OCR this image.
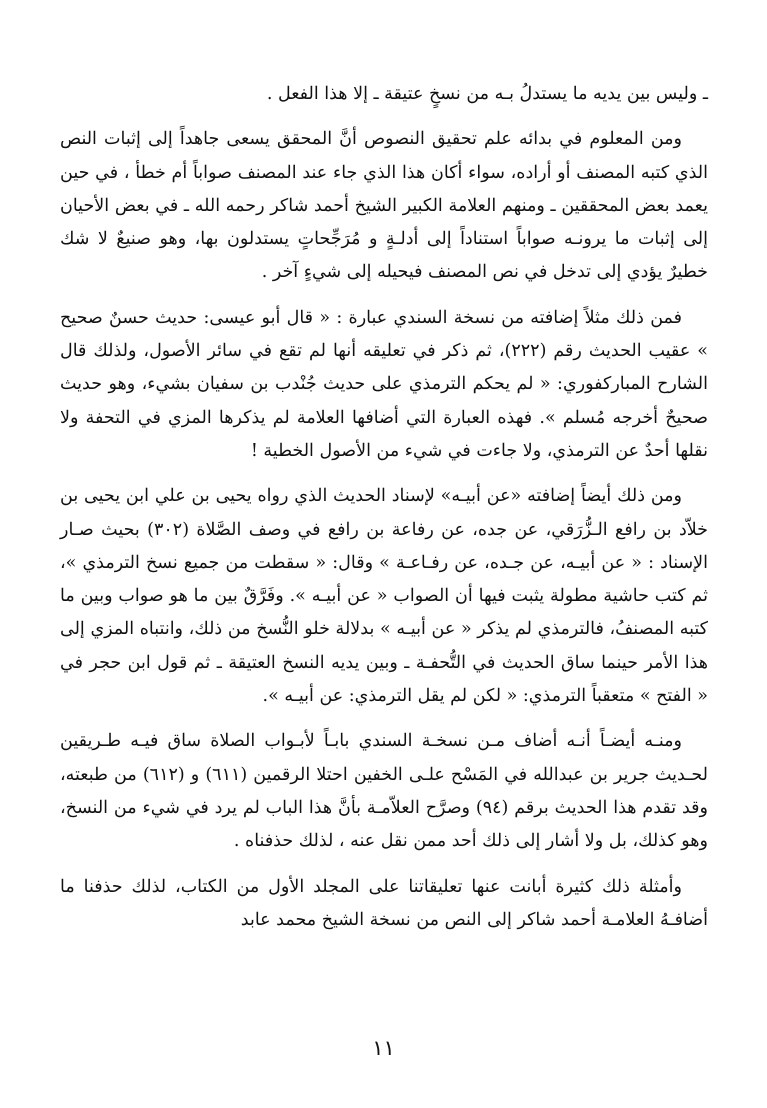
ـ وليس بين يديه ما يستدلُ بـه من نسخٍ عتيقة ـ إلا هذا الفعل .

ومن المعلوم في بدائه علم تحقيق النصوص أنَّ المحقق يسعى جاهداً إلى إثبات النص الذي كتبه المصنف أو أراده، سواء أكان هذا الذي جاء عند المصنف صواباً أم خطأ ، في حين يعمد بعض المحققين ـ ومنهم العلامة الكبير الشيخ أحمد شاكر رحمه الله ـ في بعض الأحيان إلى إثبات ما يرونـه صواباً استناداً إلى أدلـةٍ و مُرَجِّحاتٍ يستدلون بها، وهو صنيعٌ لا شك خطيرٌ يؤدي إلى تدخل في نص المصنف فيحيله إلى شيءٍ آخر .

فمن ذلك مثلاً إضافته من نسخة السندي عبارة : « قال أبو عيسى: حديث حسنٌ صحيح » عقيب الحديث رقم (٢٢٢)، ثم ذكر في تعليقه أنها لم تقع في سائر الأصول، ولذلك قال الشارح المباركفوري: « لم يحكم الترمذي على حديث جُنْدب بن سفيان بشيء، وهو حديث صحيحٌ أخرجه مُسلم ». فهذه العبارة التي أضافها العلامة لم يذكرها المزي في التحفة ولا نقلها أحدٌ عن الترمذي، ولا جاءت في شيء من الأصول الخطية !

ومن ذلك أيضاً إضافته «عن أبيـه» لإسناد الحديث الذي رواه يحيى بن علي ابن يحيى بن خلاّد بن رافع الـزُّرَقي، عن جده، عن رفاعة بن رافع في وصف الصَّلاة (٣٠٢) بحيث صـار الإسناد : « عن أبيـه، عن جـده، عن رفـاعـة » وقال: « سقطت من جميع نسخ الترمذي »، ثم كتب حاشية مطولة يثبت فيها أن الصواب « عن أبيـه ». وفَرَّقٌ بين ما هو صواب وبين ما كتبه المصنفُ، فالترمذي لم يذكر « عن أبيـه » بدلالة خلو النُّسخ من ذلك، وانتباه المزي إلى هذا الأمر حينما ساق الحديث في التُّحفـة ـ وبين يديه النسخ العتيقة ـ ثم قول ابن حجر في « الفتح » متعقباً الترمذي: « لكن لم يقل الترمذي: عن أبيـه ».

ومنـه أيضـاً أنـه أضاف مـن نسخـة السندي بابـاً لأبـواب الصلاة ساق فيـه طـريقين لحـديث جرير بن عبدالله في المَسْح علـى الخفين احتلا الرقمين (٦١١) و (٦١٢) من طبعته، وقد تقدم هذا الحديث برقم (٩٤) وصرَّح العلاّمـة بأنَّ هذا الباب لم يرد في شيء من النسخ، وهو كذلك، بل ولا أشار إلى ذلك أحد ممن نقل عنه ، لذلك حذفناه .

وأمثلة ذلك كثيرة أبانت عنها تعليقاتنا على المجلد الأول من الكتاب، لذلك حذفنا ما أضافـهُ العلامـة أحمد شاكر إلى النص من نسخة الشيخ محمد عابد

١١
